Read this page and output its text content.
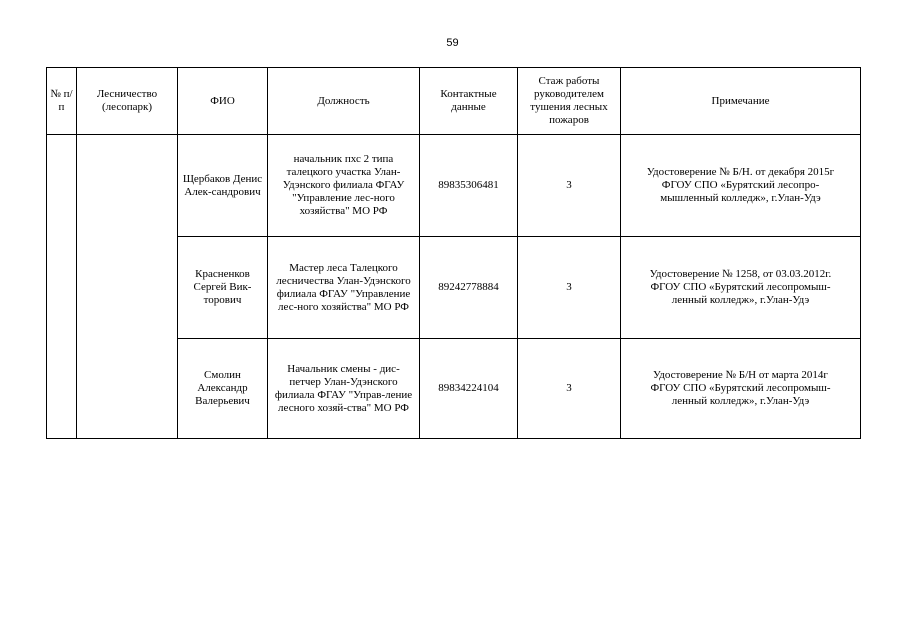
59
№ п/п	Лесничество (лесопарк)	ФИО	Должность	Контактные данные	Стаж работы руководителем тушения лесных пожаров	Примечание
		Щербаков Денис Алек-сандрович	начальник пхс 2 типа талецкого участка Улан-Удэнского филиала ФГАУ "Управление лес-ного хозяйства" МО РФ	89835306481	3	Удостоверение № Б/Н. от декабря 2015г ФГОУ СПО «Бурятский лесопро-мышленный колледж», г.Улан-Удэ
		Красненков Сергей Вик-торович	Мастер леса Талецкого лесничества Улан-Удэнского филиала ФГАУ "Управление лес-ного хозяйства" МО РФ	89242778884	3	Удостоверение № 1258, от 03.03.2012г. ФГОУ СПО «Бурятский лесопромыш-ленный колледж», г.Улан-Удэ
		Смолин Александр Валерьевич	Начальник смены - дис-петчер Улан-Удэнского филиала ФГАУ "Управ-ление лесного хозяй-ства" МО РФ	89834224104	3	Удостоверение № Б/Н от марта 2014г ФГОУ СПО «Бурятский лесопромыш-ленный колледж», г.Улан-Удэ
